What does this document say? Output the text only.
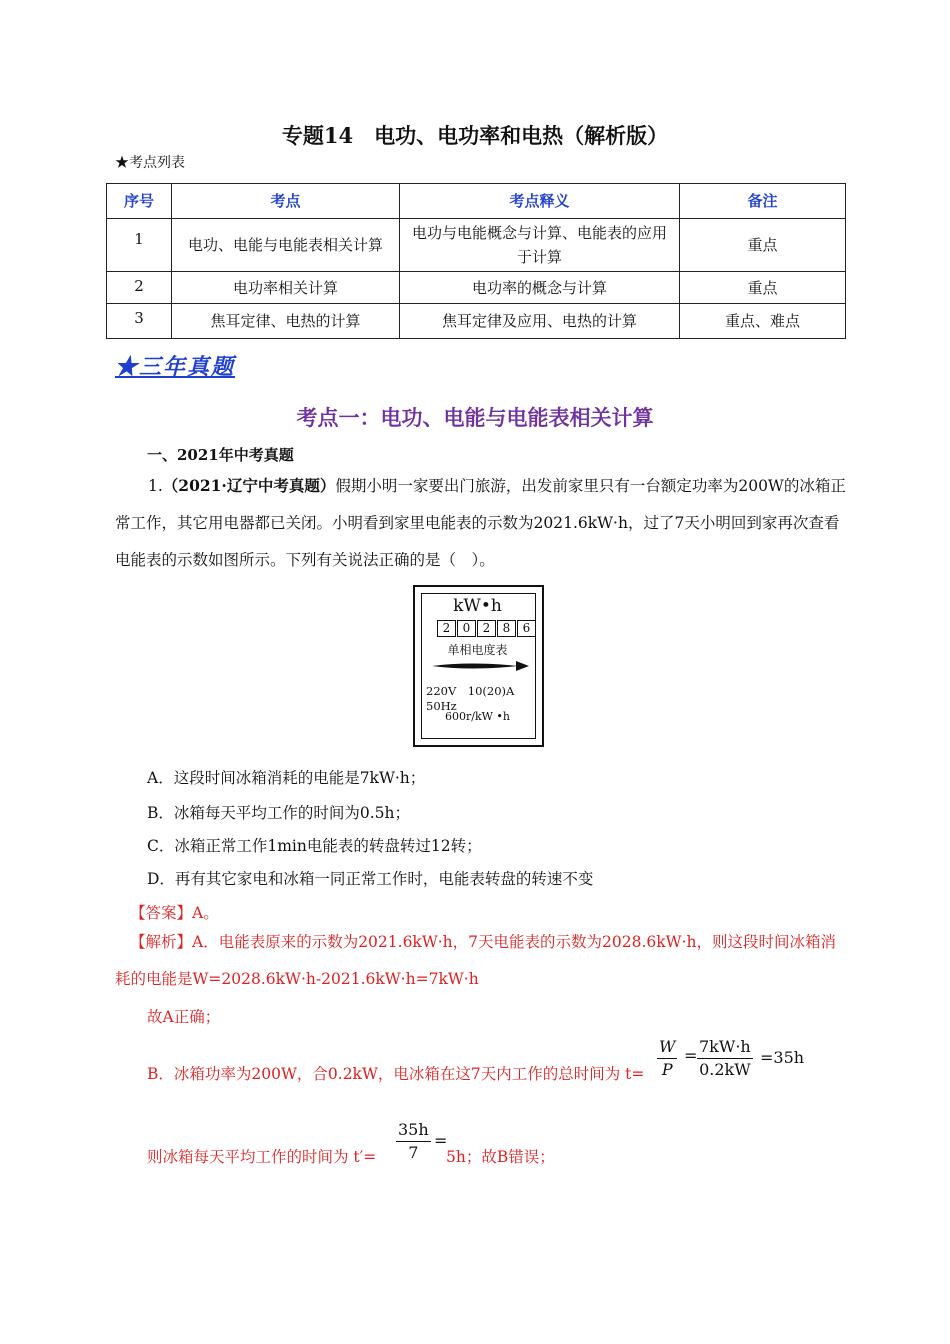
专题14　电功、电功率和电热（解析版）
★考点列表
序号	考点	考点释义	备注
1	电功、电能与电能表相关计算	电功与电能概念与计算、电能表的应用于计算	重点
2	电功率相关计算	电功率的概念与计算	重点
3	焦耳定律、电热的计算	焦耳定律及应用、电热的计算	重点、难点
★三年真题
考点一：电功、电能与电能表相关计算
一、2021年中考真题
1.（2021·辽宁中考真题）假期小明一家要出门旅游，出发前家里只有一台额定功率为200W的冰箱正常工作，其它用电器都已关闭。小明看到家里电能表的示数为2021.6kW·h，过了7天小明回到家再次查看电能表的示数如图所示。下列有关说法正确的是（　）。
kW•h
2	0	2	8	6
单相电度表
220V　10(20)A　50Hz
600r/kW •h
A．这段时间冰箱消耗的电能是7kW·h；
B．冰箱每天平均工作的时间为0.5h；
C．冰箱正常工作1min电能表的转盘转过12转；
D．再有其它家电和冰箱一同正常工作时，电能表转盘的转速不变
【答案】A。
【解析】A．电能表原来的示数为2021.6kW·h，7天电能表的示数为2028.6kW·h，则这段时间冰箱消耗的电能是W=2028.6kW·h-2021.6kW·h=7kW·h
故A正确；
B．冰箱功率为200W，合0.2kW，电冰箱在这7天内工作的总时间为 $t= \frac{W}{P} = \frac{7kW\cdot h}{0.2kW} =35h$
则冰箱每天平均工作的时间为 $t'= \frac{35h}{7}$ =
5h；故B错误；
